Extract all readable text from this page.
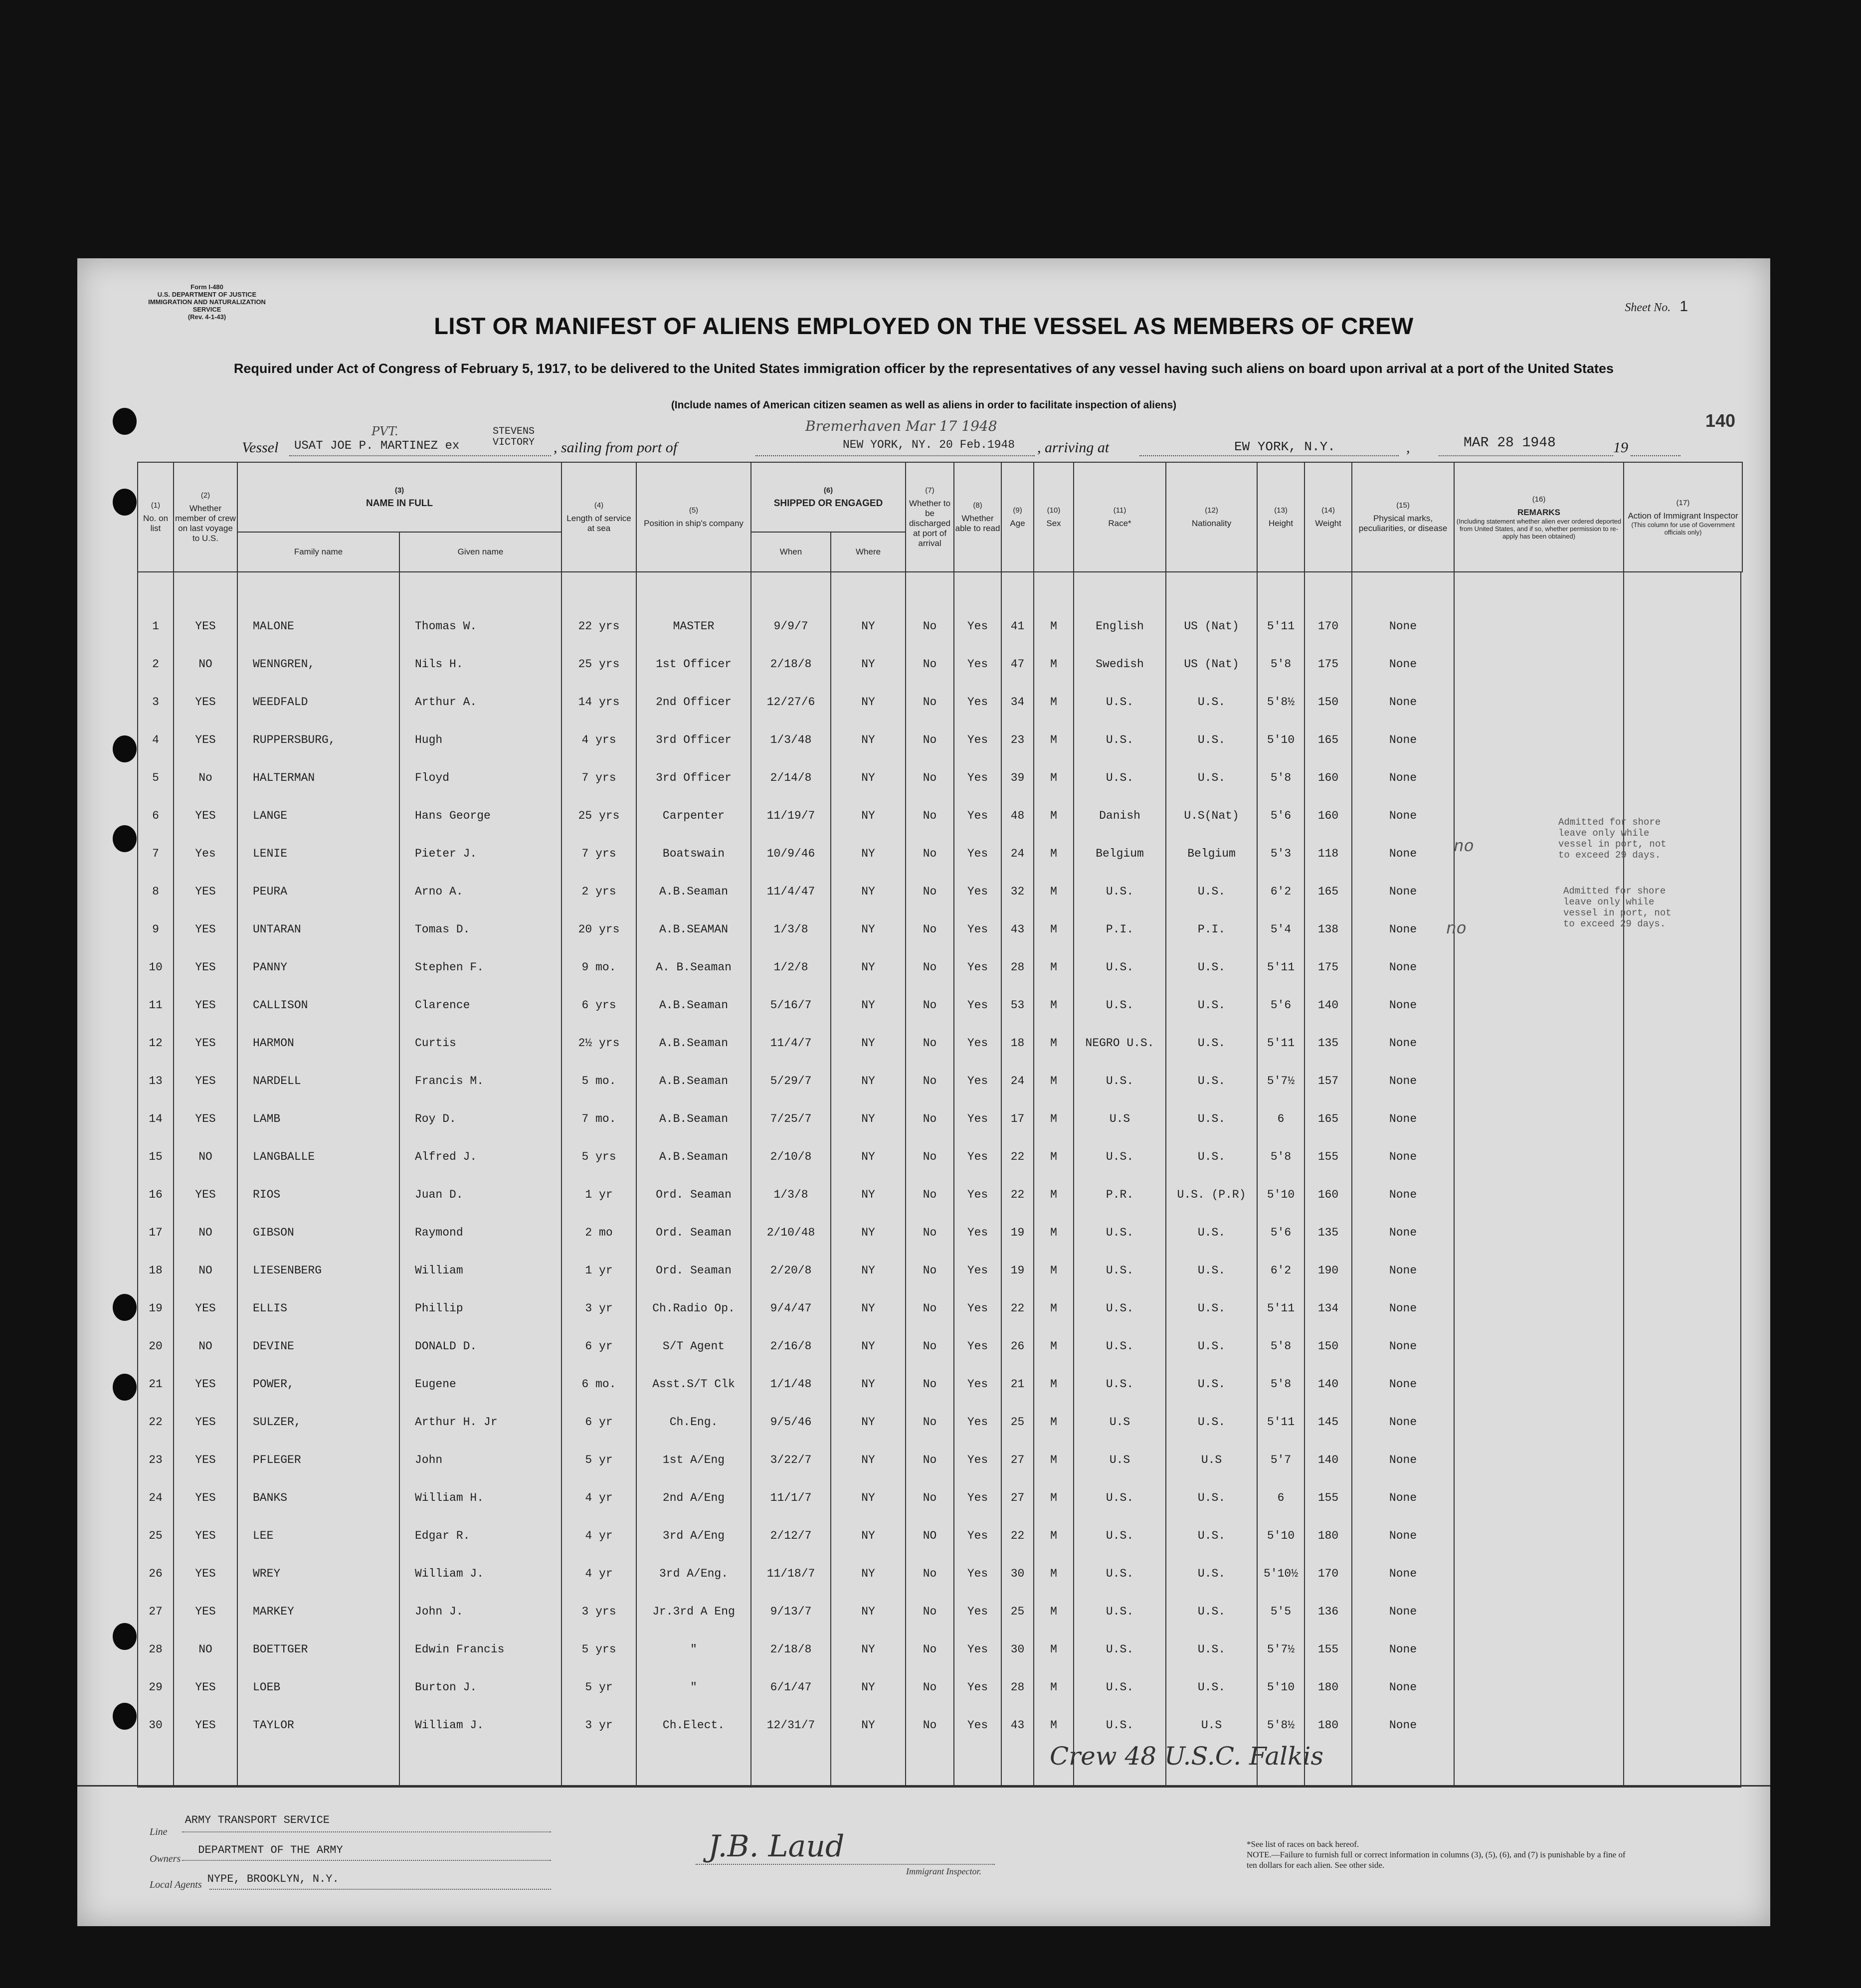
Form I-480
U.S. DEPARTMENT OF JUSTICE
IMMIGRATION AND NATURALIZATION SERVICE
(Rev. 4-1-43)
Sheet No. 1
LIST OR MANIFEST OF ALIENS EMPLOYED ON THE VESSEL AS MEMBERS OF CREW
Required under Act of Congress of February 5, 1917, to be delivered to the United States immigration officer by the representatives of any vessel having such aliens on board upon arrival at a port of the United States
(Include names of American citizen seamen as well as aliens in order to facilitate inspection of aliens)
140
Vessel
PVT.
USAT JOE P. MARTINEZ ex
STEVENS VICTORY	, sailing from port of
Bremerhaven Mar 17 1948
NEW YORK, NY. 20 Feb.1948 , arriving at	EW YORK, N.Y.	,	MAR 28 1948	19
(1)
No. on list	(2)
Whether member of crew on last voyage to U.S.	(3)
NAME IN FULL		(4)
Length of service at sea	(5)
Position in ship's company	(6)
SHIPPED OR ENGAGED		(7)
Whether to be discharged at port of arrival	(8)
Whether able to read	(9)
Age	(10)
Sex	(11)
Race*	(12)
Nationality	(13)
Height	(14)
Weight	(15)
Physical marks, peculiarities, or disease	(16)
REMARKS

(Including statement whether alien ever ordered deported from United States, and if so, whether permission to re-apply has been obtained)	(17)
Action of Immigrant Inspector

(This column for use of Government officials only)

		Family name	Given name			When	Where											

1	YES	MALONE	Thomas W.	22 yrs	MASTER	9/9/7	NY	No	Yes	41	M	English	US (Nat)	5'11	170	None		
2	NO	WENNGREN,	Nils H.	25 yrs	1st Officer	2/18/8	NY	No	Yes	47	M	Swedish	US (Nat)	5'8	175	None		
3	YES	WEEDFALD	Arthur A.	14 yrs	2nd Officer	12/27/6	NY	No	Yes	34	M	U.S.	U.S.	5'8½	150	None		
4	YES	RUPPERSBURG,	Hugh	4 yrs	3rd Officer	1/3/48	NY	No	Yes	23	M	U.S.	U.S.	5'10	165	None		
5	No	HALTERMAN	Floyd	7 yrs	3rd Officer	2/14/8	NY	No	Yes	39	M	U.S.	U.S.	5'8	160	None		
6	YES	LANGE	Hans George	25 yrs	Carpenter	11/19/7	NY	No	Yes	48	M	Danish	U.S(Nat)	5'6	160	None		
7	Yes	LENIE	Pieter J.	7 yrs	Boatswain	10/9/46	NY	No	Yes	24	M	Belgium	Belgium	5'3	118	None		
8	YES	PEURA	Arno A.	2 yrs	A.B.Seaman	11/4/47	NY	No	Yes	32	M	U.S.	U.S.	6'2	165	None		
9	YES	UNTARAN	Tomas D.	20 yrs	A.B.SEAMAN	1/3/8	NY	No	Yes	43	M	P.I.	P.I.	5'4	138	None		
10	YES	PANNY	Stephen F.	9 mo.	A. B.Seaman	1/2/8	NY	No	Yes	28	M	U.S.	U.S.	5'11	175	None		
11	YES	CALLISON	Clarence	6 yrs	A.B.Seaman	5/16/7	NY	No	Yes	53	M	U.S.	U.S.	5'6	140	None		
12	YES	HARMON	Curtis	2½ yrs	A.B.Seaman	11/4/7	NY	No	Yes	18	M	NEGRO U.S.	U.S.	5'11	135	None		
13	YES	NARDELL	Francis M.	5 mo.	A.B.Seaman	5/29/7	NY	No	Yes	24	M	U.S.	U.S.	5'7½	157	None		
14	YES	LAMB	Roy D.	7 mo.	A.B.Seaman	7/25/7	NY	No	Yes	17	M	U.S	U.S.	6	165	None		
15	NO	LANGBALLE	Alfred J.	5 yrs	A.B.Seaman	2/10/8	NY	No	Yes	22	M	U.S.	U.S.	5'8	155	None		
16	YES	RIOS	Juan D.	1 yr	Ord. Seaman	1/3/8	NY	No	Yes	22	M	P.R.	U.S. (P.R)	5'10	160	None		
17	NO	GIBSON	Raymond	2 mo	Ord. Seaman	2/10/48	NY	No	Yes	19	M	U.S.	U.S.	5'6	135	None		
18	NO	LIESENBERG	William	1 yr	Ord. Seaman	2/20/8	NY	No	Yes	19	M	U.S.	U.S.	6'2	190	None		
19	YES	ELLIS	Phillip	3 yr	Ch.Radio Op.	9/4/47	NY	No	Yes	22	M	U.S.	U.S.	5'11	134	None		
20	NO	DEVINE	DONALD D.	6 yr	S/T Agent	2/16/8	NY	No	Yes	26	M	U.S.	U.S.	5'8	150	None		
21	YES	POWER,	Eugene	6 mo.	Asst.S/T Clk	1/1/48	NY	No	Yes	21	M	U.S.	U.S.	5'8	140	None		
22	YES	SULZER,	Arthur H. Jr	6 yr	Ch.Eng.	9/5/46	NY	No	Yes	25	M	U.S	U.S.	5'11	145	None		
23	YES	PFLEGER	John	5 yr	1st A/Eng	3/22/7	NY	No	Yes	27	M	U.S	U.S	5'7	140	None		
24	YES	BANKS	William H.	4 yr	2nd A/Eng	11/1/7	NY	No	Yes	27	M	U.S.	U.S.	6	155	None		
25	YES	LEE	Edgar R.	4 yr	3rd A/Eng	2/12/7	NY	NO	Yes	22	M	U.S.	U.S.	5'10	180	None		
26	YES	WREY	William J.	4 yr	3rd A/Eng.	11/18/7	NY	No	Yes	30	M	U.S.	U.S.	5'10½	170	None		
27	YES	MARKEY	John J.	3 yrs	Jr.3rd A Eng	9/13/7	NY	No	Yes	25	M	U.S.	U.S.	5'5	136	None		
28	NO	BOETTGER	Edwin Francis	5 yrs	"	2/18/8	NY	No	Yes	30	M	U.S.	U.S.	5'7½	155	None		
29	YES	LOEB	Burton J.	5 yr	"	6/1/47	NY	No	Yes	28	M	U.S.	U.S.	5'10	180	None		
30	YES	TAYLOR	William J.	3 yr	Ch.Elect.	12/31/7	NY	No	Yes	43	M	U.S.	U.S	5'8½	180	None		

Admitted for shore leave only while vessel in port, not to exceed 29 days.
Admitted for shore leave only while vessel in port, not to exceed 29 days.
no
no
Crew 48 U.S.C. Falkis
Line ARMY TRANSPORT SERVICE
Owners DEPARTMENT OF THE ARMY
Local Agents NYPE, BROOKLYN, N.Y.
J.B. Laud
Immigrant Inspector.
*See list of races on back hereof.
NOTE.—Failure to furnish full or correct information in columns (3), (5), (6), and (7) is punishable by a fine of ten dollars for each alien. See other side.
